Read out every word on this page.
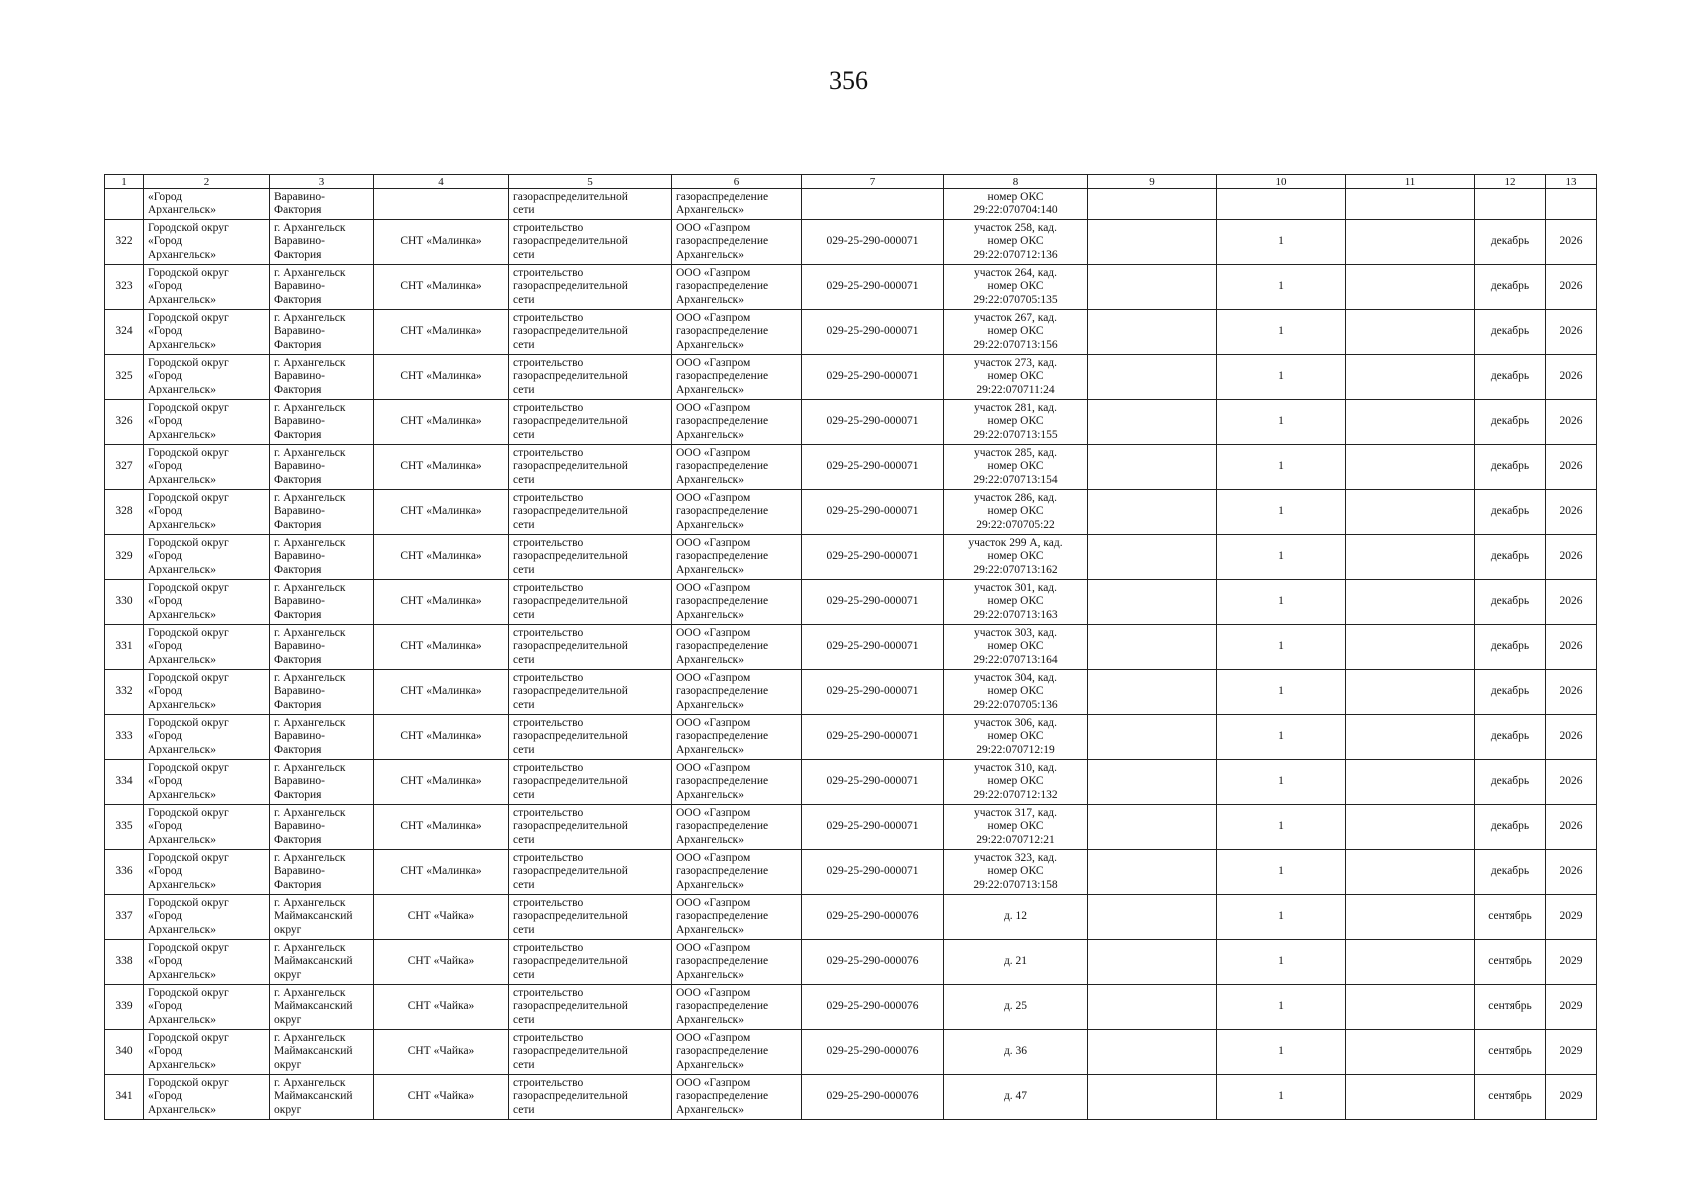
356
1	2	3	4	5	6	7	8	9	10	11	12	13

	«Город
Архангельск»	Варавино-
Фактория		газораспределительной
сети	газораспределение
Архангельск»		номер ОКС
29:22:070704:140					

322	Городской округ
«Город
Архангельск»	г. Архангельск
Варавино-
Фактория	СНТ «Малинка»	строительство
газораспределительной
сети	ООО «Газпром
газораспределение
Архангельск»	029-25-290-000071	участок 258, кад.
номер ОКС
29:22:070712:136		1		декабрь	2026
323	Городской округ
«Город
Архангельск»	г. Архангельск
Варавино-
Фактория	СНТ «Малинка»	строительство
газораспределительной
сети	ООО «Газпром
газораспределение
Архангельск»	029-25-290-000071	участок 264, кад.
номер ОКС
29:22:070705:135		1		декабрь	2026
324	Городской округ
«Город
Архангельск»	г. Архангельск
Варавино-
Фактория	СНТ «Малинка»	строительство
газораспределительной
сети	ООО «Газпром
газораспределение
Архангельск»	029-25-290-000071	участок 267, кад.
номер ОКС
29:22:070713:156		1		декабрь	2026
325	Городской округ
«Город
Архангельск»	г. Архангельск
Варавино-
Фактория	СНТ «Малинка»	строительство
газораспределительной
сети	ООО «Газпром
газораспределение
Архангельск»	029-25-290-000071	участок 273, кад.
номер ОКС
29:22:070711:24		1		декабрь	2026
326	Городской округ
«Город
Архангельск»	г. Архангельск
Варавино-
Фактория	СНТ «Малинка»	строительство
газораспределительной
сети	ООО «Газпром
газораспределение
Архангельск»	029-25-290-000071	участок 281, кад.
номер ОКС
29:22:070713:155		1		декабрь	2026
327	Городской округ
«Город
Архангельск»	г. Архангельск
Варавино-
Фактория	СНТ «Малинка»	строительство
газораспределительной
сети	ООО «Газпром
газораспределение
Архангельск»	029-25-290-000071	участок 285, кад.
номер ОКС
29:22:070713:154		1		декабрь	2026
328	Городской округ
«Город
Архангельск»	г. Архангельск
Варавино-
Фактория	СНТ «Малинка»	строительство
газораспределительной
сети	ООО «Газпром
газораспределение
Архангельск»	029-25-290-000071	участок 286, кад.
номер ОКС
29:22:070705:22		1		декабрь	2026
329	Городской округ
«Город
Архангельск»	г. Архангельск
Варавино-
Фактория	СНТ «Малинка»	строительство
газораспределительной
сети	ООО «Газпром
газораспределение
Архангельск»	029-25-290-000071	участок 299 А, кад.
номер ОКС
29:22:070713:162		1		декабрь	2026
330	Городской округ
«Город
Архангельск»	г. Архангельск
Варавино-
Фактория	СНТ «Малинка»	строительство
газораспределительной
сети	ООО «Газпром
газораспределение
Архангельск»	029-25-290-000071	участок 301, кад.
номер ОКС
29:22:070713:163		1		декабрь	2026
331	Городской округ
«Город
Архангельск»	г. Архангельск
Варавино-
Фактория	СНТ «Малинка»	строительство
газораспределительной
сети	ООО «Газпром
газораспределение
Архангельск»	029-25-290-000071	участок 303, кад.
номер ОКС
29:22:070713:164		1		декабрь	2026
332	Городской округ
«Город
Архангельск»	г. Архангельск
Варавино-
Фактория	СНТ «Малинка»	строительство
газораспределительной
сети	ООО «Газпром
газораспределение
Архангельск»	029-25-290-000071	участок 304, кад.
номер ОКС
29:22:070705:136		1		декабрь	2026
333	Городской округ
«Город
Архангельск»	г. Архангельск
Варавино-
Фактория	СНТ «Малинка»	строительство
газораспределительной
сети	ООО «Газпром
газораспределение
Архангельск»	029-25-290-000071	участок 306, кад.
номер ОКС
29:22:070712:19		1		декабрь	2026
334	Городской округ
«Город
Архангельск»	г. Архангельск
Варавино-
Фактория	СНТ «Малинка»	строительство
газораспределительной
сети	ООО «Газпром
газораспределение
Архангельск»	029-25-290-000071	участок 310, кад.
номер ОКС
29:22:070712:132		1		декабрь	2026
335	Городской округ
«Город
Архангельск»	г. Архангельск
Варавино-
Фактория	СНТ «Малинка»	строительство
газораспределительной
сети	ООО «Газпром
газораспределение
Архангельск»	029-25-290-000071	участок 317, кад.
номер ОКС
29:22:070712:21		1		декабрь	2026
336	Городской округ
«Город
Архангельск»	г. Архангельск
Варавино-
Фактория	СНТ «Малинка»	строительство
газораспределительной
сети	ООО «Газпром
газораспределение
Архангельск»	029-25-290-000071	участок 323, кад.
номер ОКС
29:22:070713:158		1		декабрь	2026
337	Городской округ
«Город
Архангельск»	г. Архангельск
Маймаксанский
округ	СНТ «Чайка»	строительство
газораспределительной
сети	ООО «Газпром
газораспределение
Архангельск»	029-25-290-000076	д. 12		1		сентябрь	2029
338	Городской округ
«Город
Архангельск»	г. Архангельск
Маймаксанский
округ	СНТ «Чайка»	строительство
газораспределительной
сети	ООО «Газпром
газораспределение
Архангельск»	029-25-290-000076	д. 21		1		сентябрь	2029
339	Городской округ
«Город
Архангельск»	г. Архангельск
Маймаксанский
округ	СНТ «Чайка»	строительство
газораспределительной
сети	ООО «Газпром
газораспределение
Архангельск»	029-25-290-000076	д. 25		1		сентябрь	2029
340	Городской округ
«Город
Архангельск»	г. Архангельск
Маймаксанский
округ	СНТ «Чайка»	строительство
газораспределительной
сети	ООО «Газпром
газораспределение
Архангельск»	029-25-290-000076	д. 36		1		сентябрь	2029
341	Городской округ
«Город
Архангельск»	г. Архангельск
Маймаксанский
округ	СНТ «Чайка»	строительство
газораспределительной
сети	ООО «Газпром
газораспределение
Архангельск»	029-25-290-000076	д. 47		1		сентябрь	2029
